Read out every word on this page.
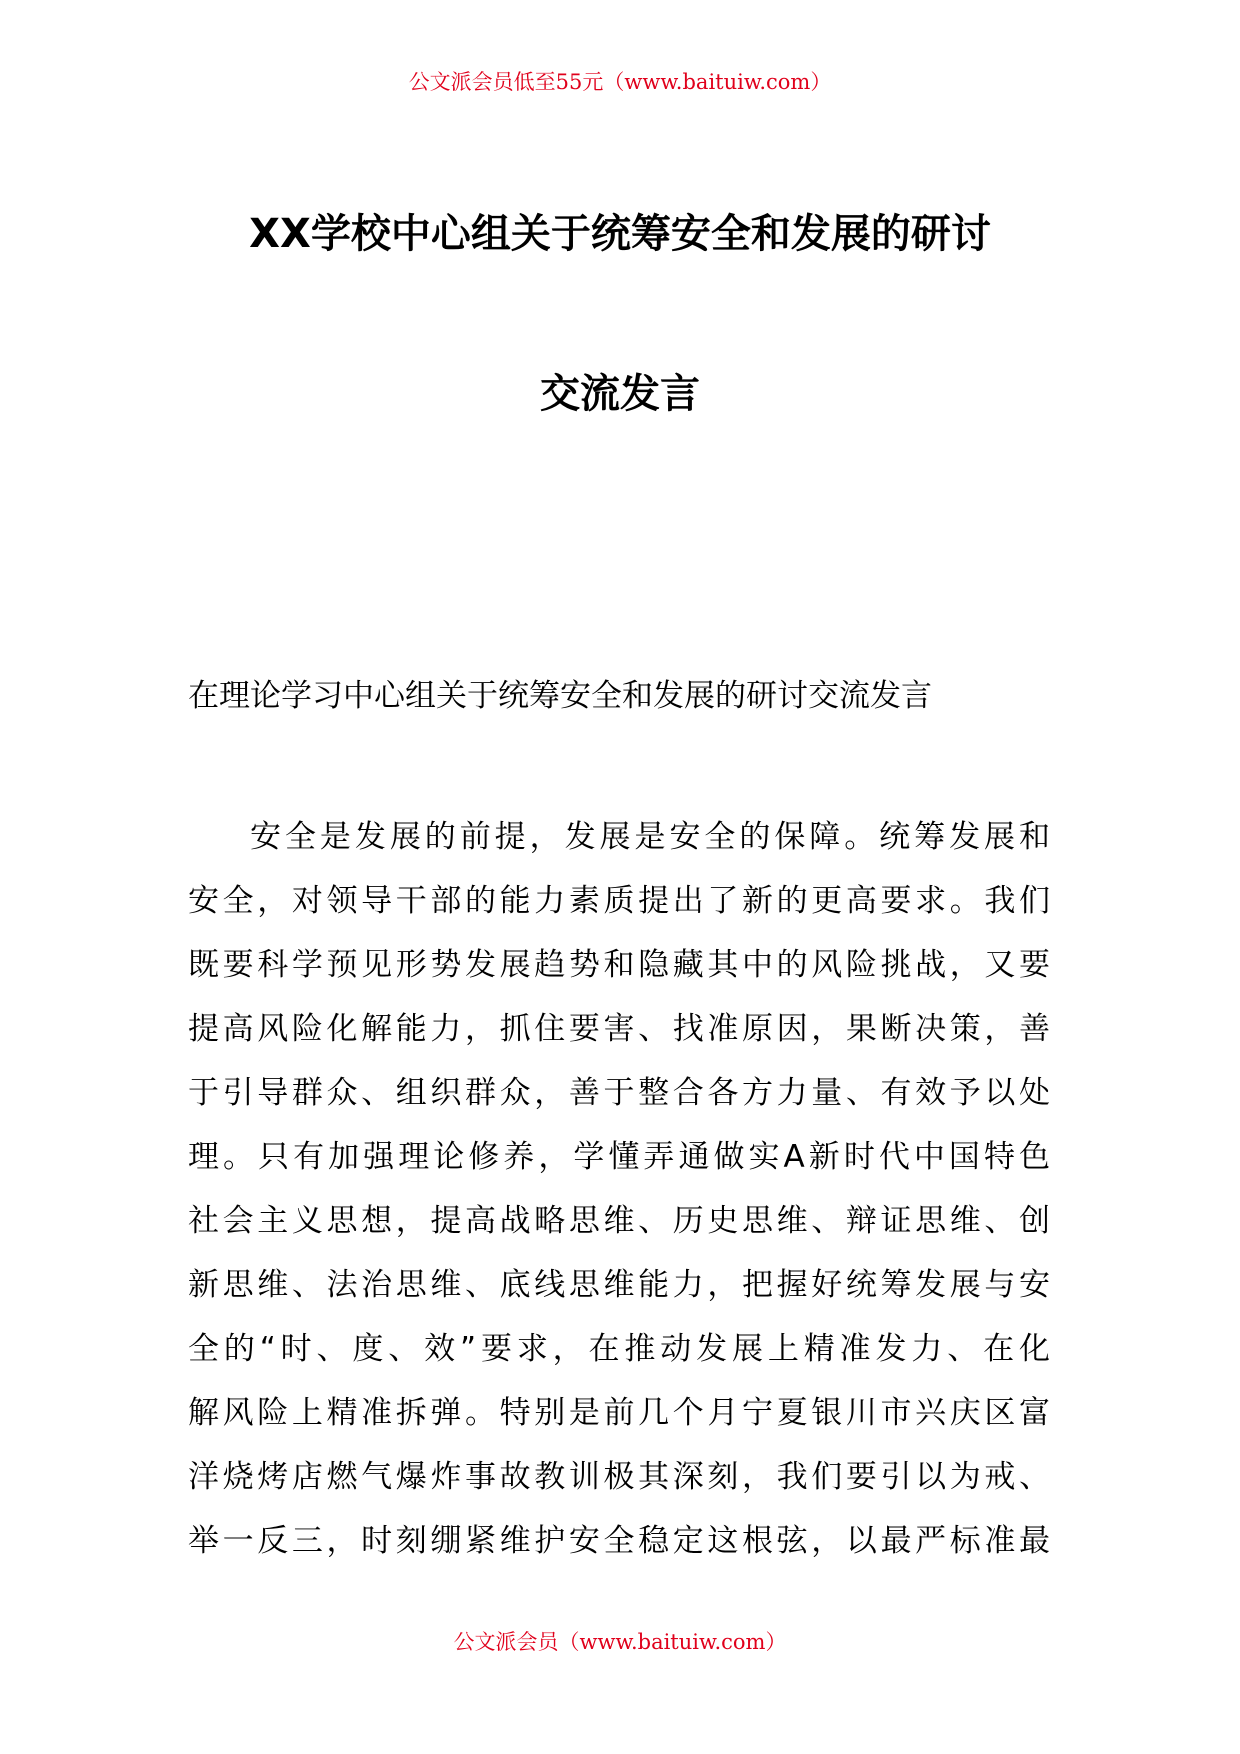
公文派会员低至55元（www.baituiw.com）
XX学校中心组关于统筹安全和发展的研讨
交流发言
在理论学习中心组关于统筹安全和发展的研讨交流发言
安全是发展的前提，发展是安全的保障。统筹发展和
安全，对领导干部的能力素质提出了新的更高要求。我们
既要科学预见形势发展趋势和隐藏其中的风险挑战，又要
提高风险化解能力，抓住要害、找准原因，果断决策，善
于引导群众、组织群众，善于整合各方力量、有效予以处
理。只有加强理论修养，学懂弄通做实A新时代中国特色
社会主义思想，提高战略思维、历史思维、辩证思维、创
新思维、法治思维、底线思维能力，把握好统筹发展与安
全的“时、度、效”要求，在推动发展上精准发力、在化
解风险上精准拆弹。特别是前几个月宁夏银川市兴庆区富
洋烧烤店燃气爆炸事故教训极其深刻，我们要引以为戒、
举一反三，时刻绷紧维护安全稳定这根弦，以最严标准最
公文派会员（www.baituiw.com）
